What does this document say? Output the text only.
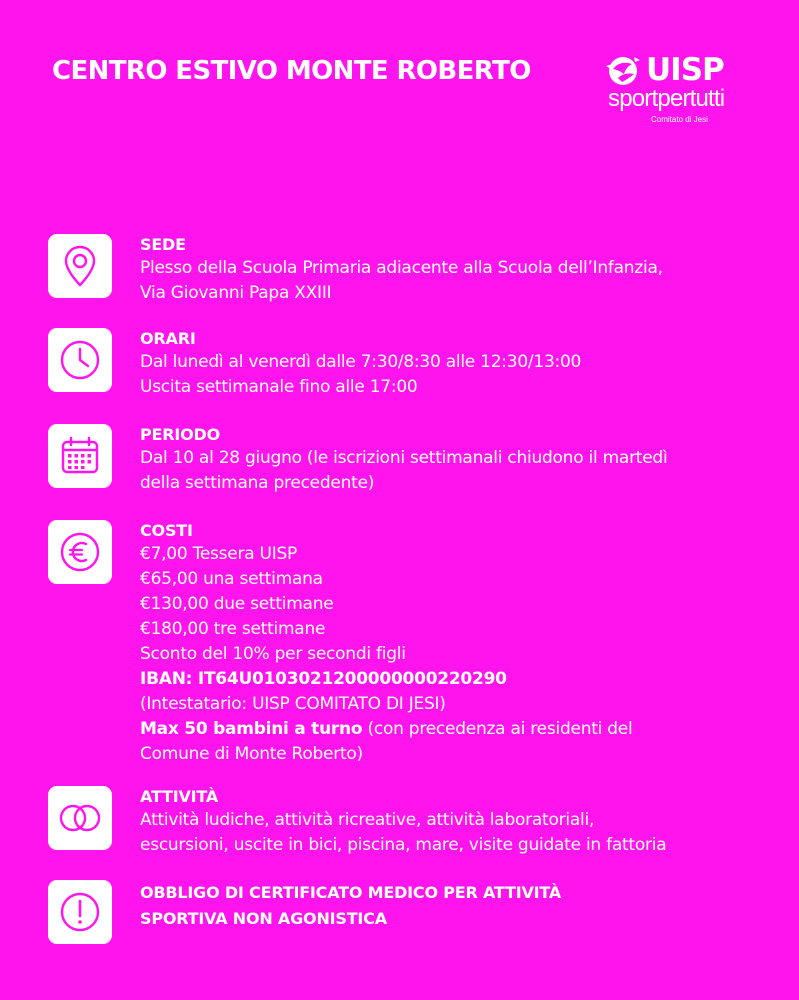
CENTRO ESTIVO MONTE ROBERTO	UISP
sportpertutti
Comitato di Jesi
SEDE
Plesso della Scuola Primaria adiacente alla Scuola dell’Infanzia,
Via Giovanni Papa XXIII
ORARI
Dal lunedì al venerdì dalle 7:30/8:30 alle 12:30/13:00
Uscita settimanale fino alle 17:00
PERIODO
Dal 10 al 28 giugno (le iscrizioni settimanali chiudono il martedì
della settimana precedente)
COSTI
€7,00 Tessera UISP
€65,00 una settimana
€130,00 due settimane
€180,00 tre settimane
Sconto del 10% per secondi figli
IBAN: IT64U0103021200000000220290
(Intestatario: UISP COMITATO DI JESI)
Max 50 bambini a turno (con precedenza ai residenti del
Comune di Monte Roberto)
ATTIVITÀ
Attività ludiche, attività ricreative, attività laboratoriali,
escursioni, uscite in bici, piscina, mare, visite guidate in fattoria
OBBLIGO DI CERTIFICATO MEDICO PER ATTIVITÀ
SPORTIVA NON AGONISTICA
